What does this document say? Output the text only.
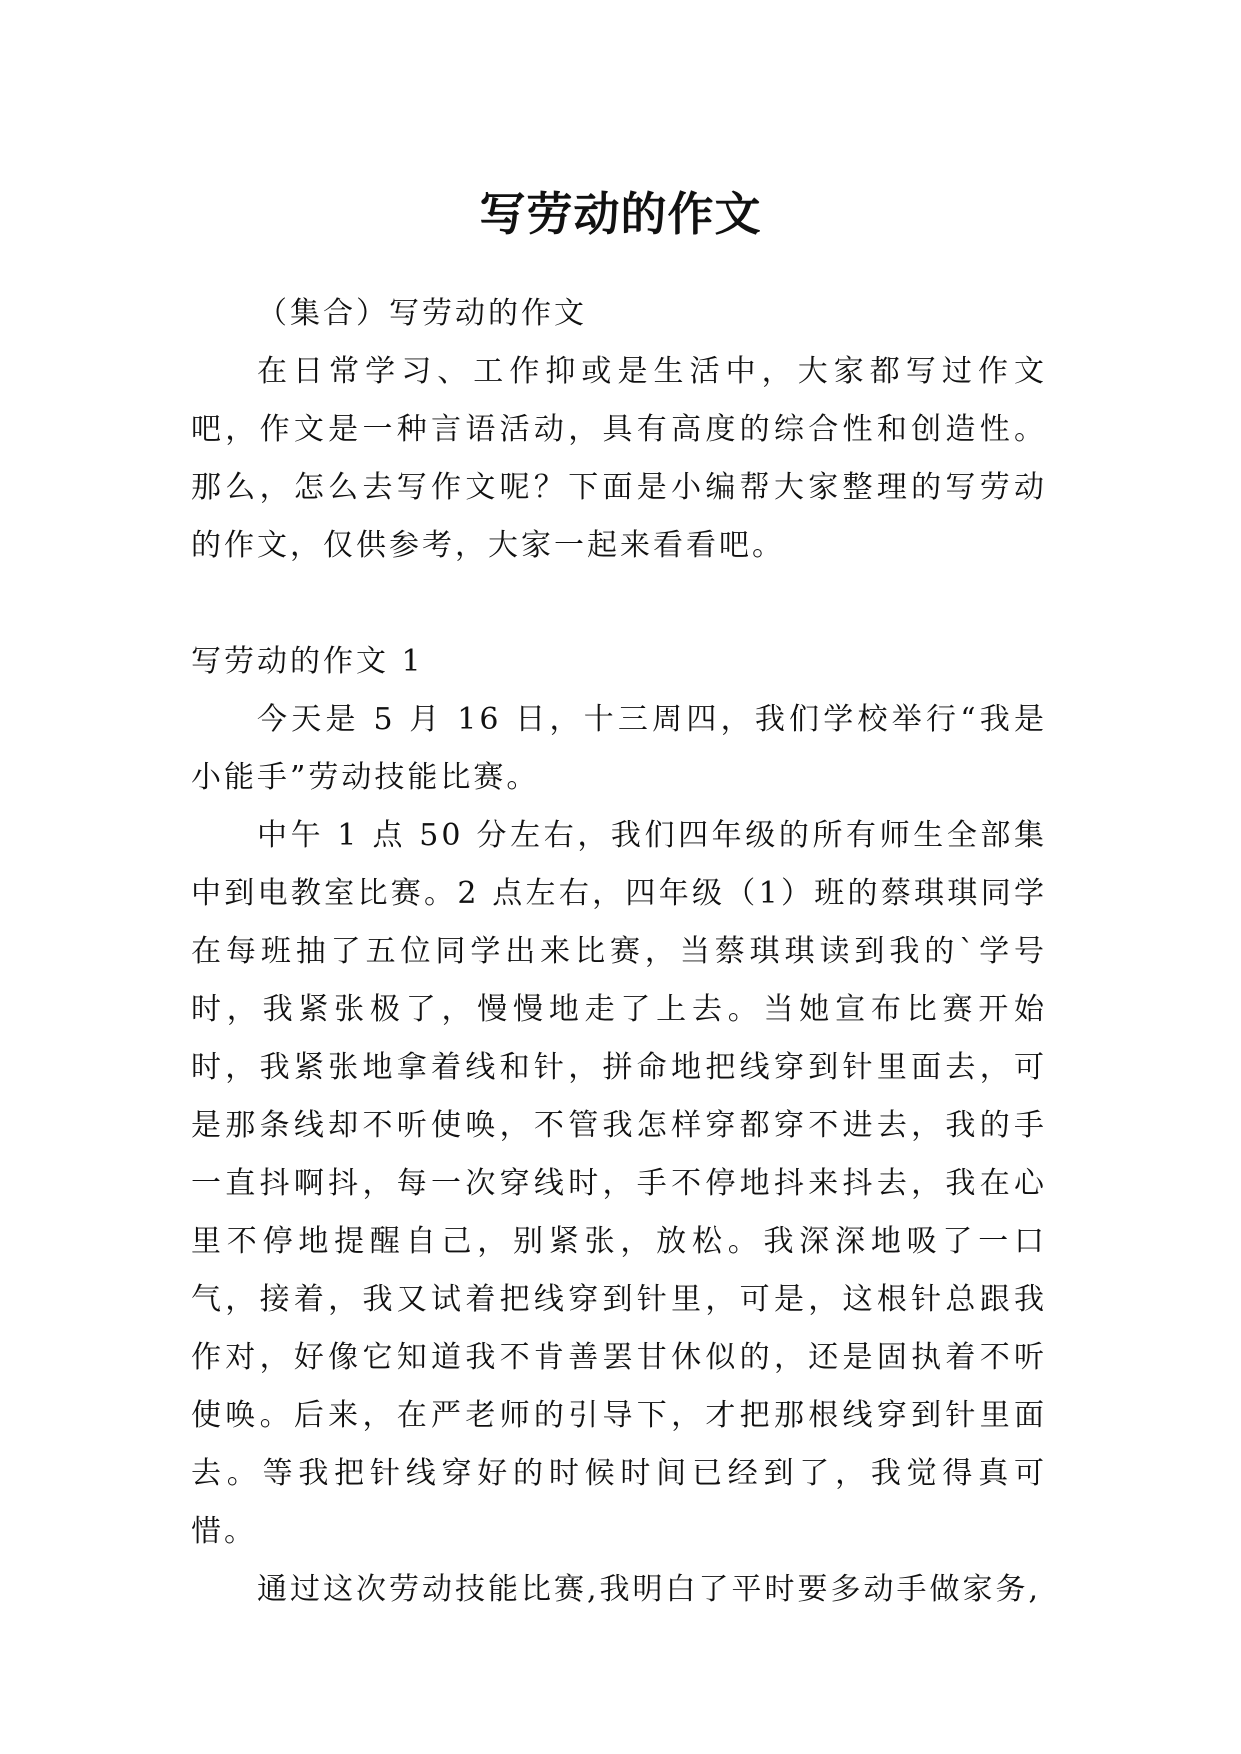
写劳动的作文

（集合）写劳动的作文

在日常学习、工作抑或是生活中，大家都写过作文吧，作文是一种言语活动，具有高度的综合性和创造性。那么，怎么去写作文呢？下面是小编帮大家整理的写劳动的作文，仅供参考，大家一起来看看吧。

写劳动的作文 1

今天是 5 月 16 日，十三周四，我们学校举行“我是小能手”劳动技能比赛。

中午 1 点 50 分左右，我们四年级的所有师生全部集中到电教室比赛。2 点左右，四年级（1）班的蔡琪琪同学在每班抽了五位同学出来比赛，当蔡琪琪读到我的`学号时，我紧张极了，慢慢地走了上去。当她宣布比赛开始时，我紧张地拿着线和针，拼命地把线穿到针里面去，可是那条线却不听使唤，不管我怎样穿都穿不进去，我的手一直抖啊抖，每一次穿线时，手不停地抖来抖去，我在心里不停地提醒自己，别紧张，放松。我深深地吸了一口气，接着，我又试着把线穿到针里，可是，这根针总跟我作对，好像它知道我不肯善罢甘休似的，还是固执着不听使唤。后来，在严老师的引导下，才把那根线穿到针里面去。等我把针线穿好的时候时间已经到了，我觉得真可惜。

通过这次劳动技能比赛,我明白了平时要多动手做家务,
